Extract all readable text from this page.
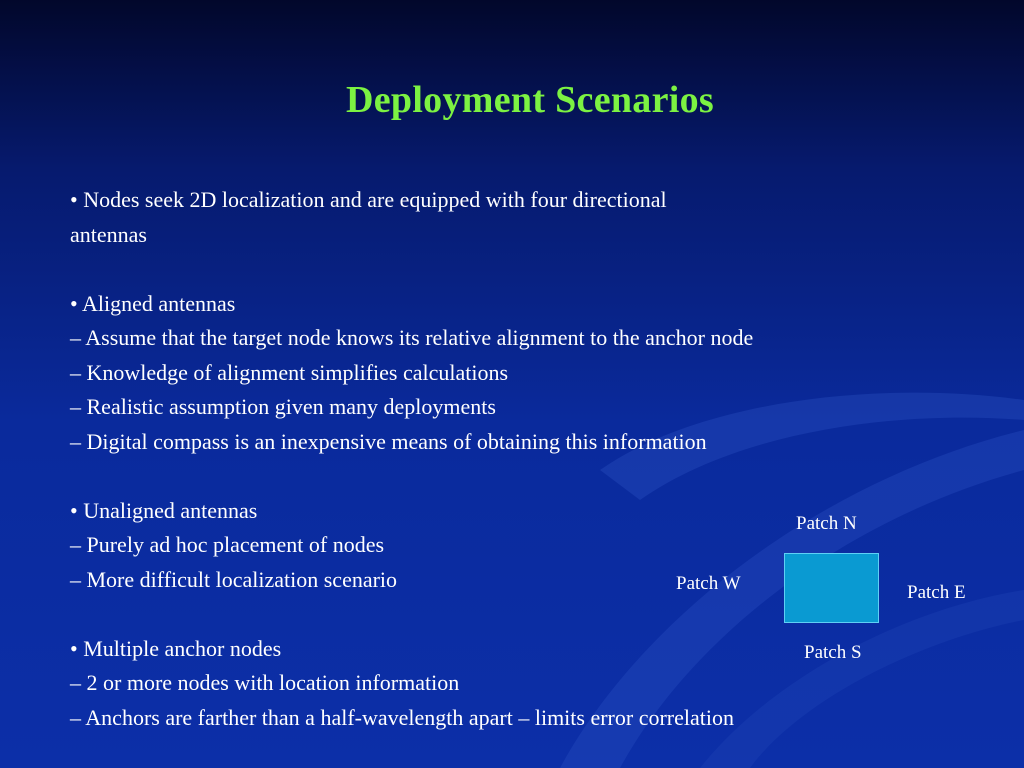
Deployment Scenarios
• Nodes seek 2D localization and are equipped with four directional
antennas
• Aligned antennas
– Assume that the target node knows its relative alignment to the anchor node
– Knowledge of alignment simplifies calculations
– Realistic assumption given many deployments
– Digital compass is an inexpensive means of obtaining this information
• Unaligned antennas
– Purely ad hoc placement of nodes
– More difficult localization scenario
• Multiple anchor nodes
– 2 or more nodes with location information
– Anchors are farther than a half-wavelength apart – limits error correlation
Patch N
Patch W	Patch E
Patch S
